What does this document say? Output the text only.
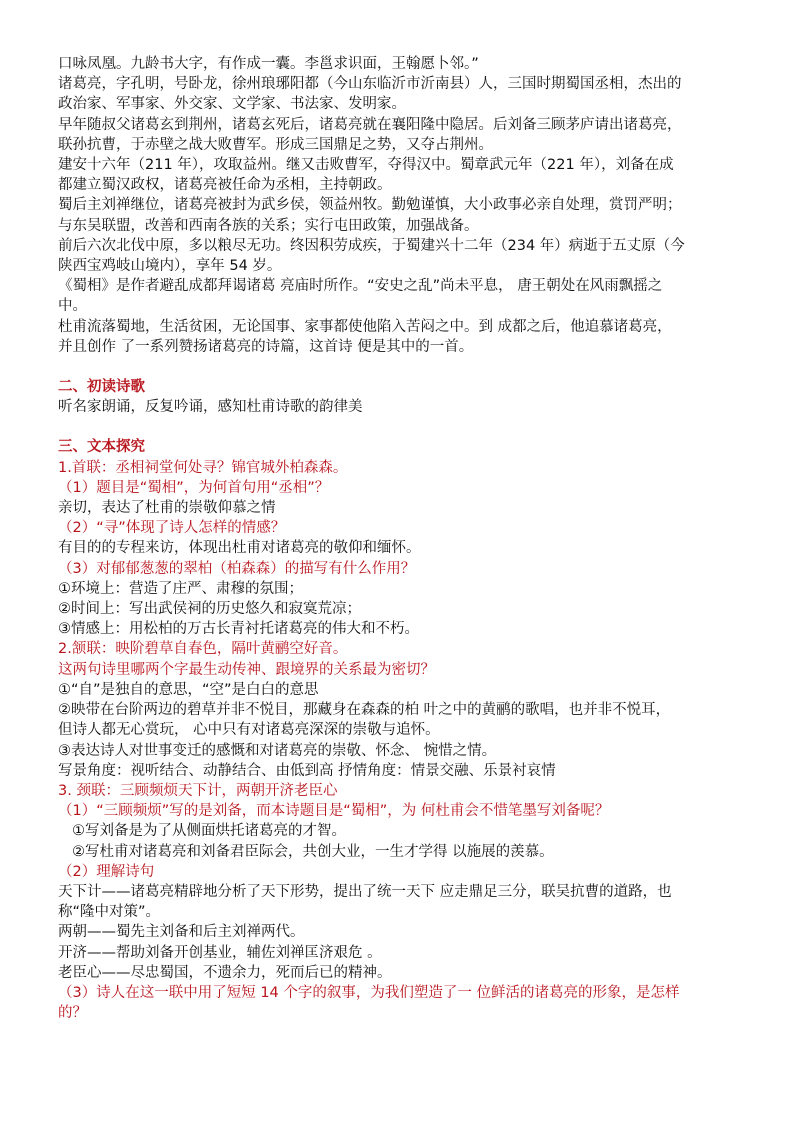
口咏凤凰。九龄书大字，有作成一囊。李邕求识面，王翰愿卜邻。”
诸葛亮，字孔明，号卧龙，徐州琅琊阳都（今山东临沂市沂南县）人，三国时期蜀国丞相，杰出的
政治家、军事家、外交家、文学家、书法家、发明家。
早年随叔父诸葛玄到荆州，诸葛玄死后，诸葛亮就在襄阳隆中隐居。后刘备三顾茅庐请出诸葛亮，
联孙抗曹，于赤壁之战大败曹军。形成三国鼎足之势，又夺占荆州。
建安十六年（211 年），攻取益州。继又击败曹军，夺得汉中。蜀章武元年（221 年），刘备在成
都建立蜀汉政权，诸葛亮被任命为丞相，主持朝政。
蜀后主刘禅继位，诸葛亮被封为武乡侯，领益州牧。勤勉谨慎，大小政事必亲自处理，赏罚严明；
与东吴联盟，改善和西南各族的关系；实行屯田政策，加强战备。
前后六次北伐中原，多以粮尽无功。终因积劳成疾，于蜀建兴十二年（234 年）病逝于五丈原（今
陕西宝鸡岐山境内），享年 54 岁。
《蜀相》是作者避乱成都拜谒诸葛 亮庙时所作。“安史之乱”尚未平息， 唐王朝处在风雨飘摇之
中。
杜甫流落蜀地，生活贫困，无论国事、家事都使他陷入苦闷之中。到 成都之后，他追慕诸葛亮，
并且创作 了一系列赞扬诸葛亮的诗篇，这首诗 便是其中的一首。
二、初读诗歌
听名家朗诵，反复吟诵，感知杜甫诗歌的韵律美
三、文本探究
1.首联：丞相祠堂何处寻？锦官城外柏森森。
（1）题目是“蜀相”，为何首句用“丞相”？
亲切，表达了杜甫的崇敬仰慕之情
（2）“寻”体现了诗人怎样的情感？
有目的的专程来访，体现出杜甫对诸葛亮的敬仰和缅怀。
（3）对郁郁葱葱的翠柏（柏森森）的描写有什么作用？
①环境上：营造了庄严、肃穆的氛围；
②时间上：写出武侯祠的历史悠久和寂寞荒凉；
③情感上：用松柏的万古长青衬托诸葛亮的伟大和不朽。
2.颔联：映阶碧草自春色，隔叶黄鹂空好音。
这两句诗里哪两个字最生动传神、跟境界的关系最为密切？
①“自”是独自的意思，“空”是白白的意思
②映带在台阶两边的碧草并非不悦目，那藏身在森森的柏 叶之中的黄鹂的歌唱，也并非不悦耳，
但诗人都无心赏玩， 心中只有对诸葛亮深深的崇敬与追怀。
③表达诗人对世事变迁的感慨和对诸葛亮的崇敬、怀念、 惋惜之情。
写景角度：视听结合、动静结合、由低到高 抒情角度：情景交融、乐景衬哀情
3. 颈联：三顾频烦天下计，两朝开济老臣心
（1）“三顾频烦”写的是刘备，而本诗题目是“蜀相”，为 何杜甫会不惜笔墨写刘备呢？
①写刘备是为了从侧面烘托诸葛亮的才智。
②写杜甫对诸葛亮和刘备君臣际会，共创大业，一生才学得 以施展的羡慕。
（2）理解诗句
天下计——诸葛亮精辟地分析了天下形势，提出了统一天下 应走鼎足三分，联吴抗曹的道路，也
称“隆中对策”。
两朝——蜀先主刘备和后主刘禅两代。
开济——帮助刘备开创基业，辅佐刘禅匡济艰危 。
老臣心——尽忠蜀国，不遗余力，死而后已的精神。
（3）诗人在这一联中用了短短 14 个字的叙事，为我们塑造了一 位鲜活的诸葛亮的形象，是怎样
的？
